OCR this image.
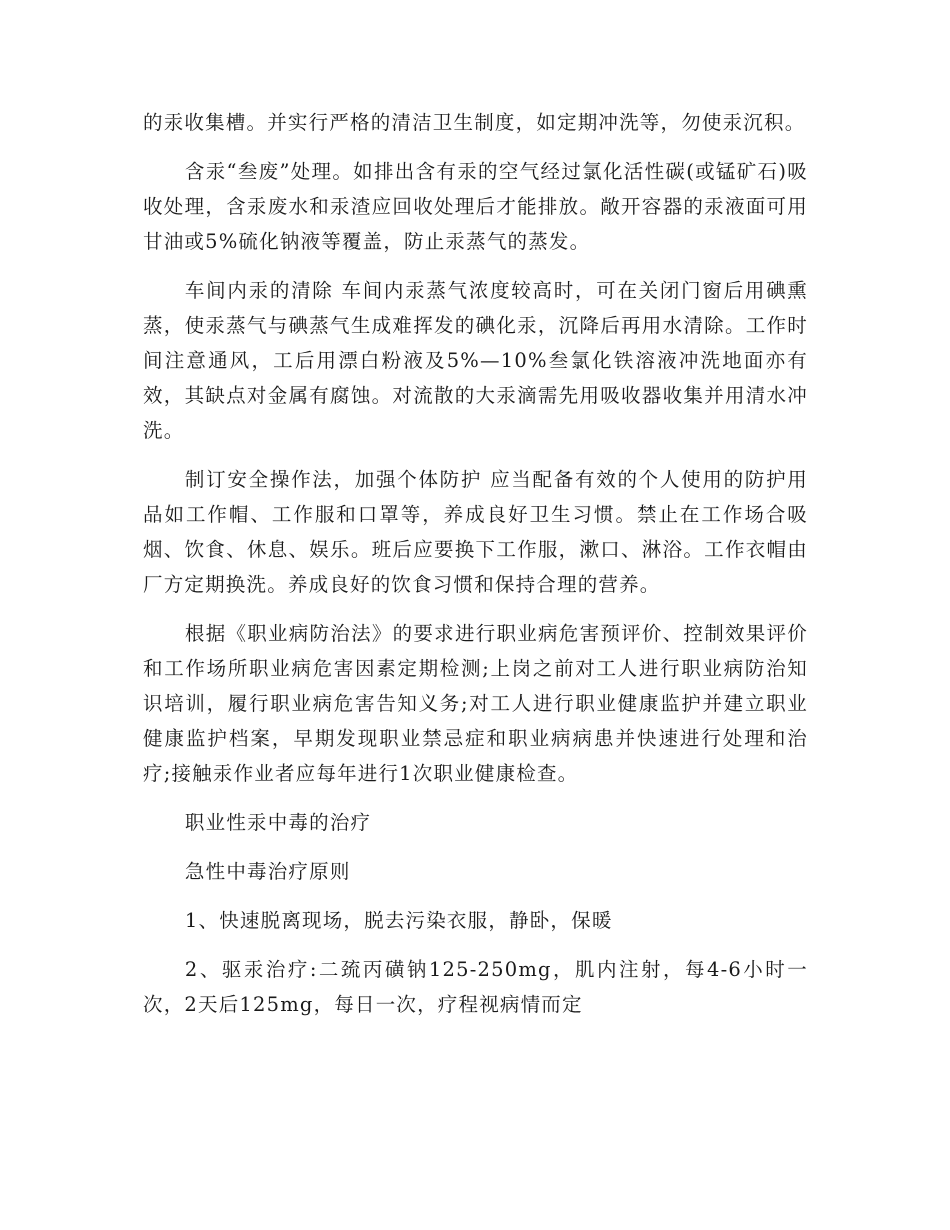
的汞收集槽。并实行严格的清洁卫生制度，如定期冲洗等，勿使汞沉积。

含汞“叁废”处理。如排出含有汞的空气经过氯化活性碳(或锰矿石)吸收处理，含汞废水和汞渣应回收处理后才能排放。敞开容器的汞液面可用甘油或5%硫化钠液等覆盖，防止汞蒸气的蒸发。

车间内汞的清除 车间内汞蒸气浓度较高时，可在关闭门窗后用碘熏蒸，使汞蒸气与碘蒸气生成难挥发的碘化汞，沉降后再用水清除。工作时间注意通风，工后用漂白粉液及5%—10%叁氯化铁溶液冲洗地面亦有效，其缺点对金属有腐蚀。对流散的大汞滴需先用吸收器收集并用清水冲洗。

制订安全操作法，加强个体防护 应当配备有效的个人使用的防护用品如工作帽、工作服和口罩等，养成良好卫生习惯。禁止在工作场合吸烟、饮食、休息、娱乐。班后应要换下工作服，漱口、淋浴。工作衣帽由厂方定期换洗。养成良好的饮食习惯和保持合理的营养。

根据《职业病防治法》的要求进行职业病危害预评价、控制效果评价和工作场所职业病危害因素定期检测;上岗之前对工人进行职业病防治知识培训，履行职业病危害告知义务;对工人进行职业健康监护并建立职业健康监护档案，早期发现职业禁忌症和职业病病患并快速进行处理和治疗;接触汞作业者应每年进行1次职业健康检查。

职业性汞中毒的治疗

急性中毒治疗原则

1、快速脱离现场，脱去污染衣服，静卧，保暖

2、驱汞治疗:二巯丙磺钠125-250mg，肌内注射，每4-6小时一次，2天后125mg，每日一次，疗程视病情而定
